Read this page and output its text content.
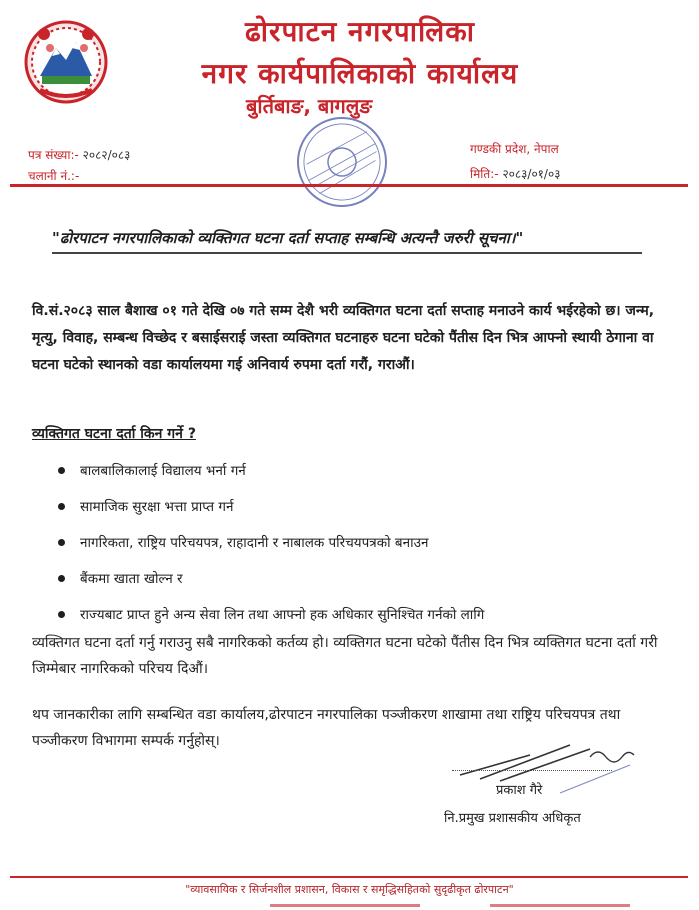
ढोरपाटन नगरपालिका
नगर कार्यपालिकाको कार्यालय
बुर्तिबाङ, बागलुङ
पत्र संख्या:- २०८२/०८३
चलानी नं.:-
गण्डकी प्रदेश, नेपाल
मिति:- २०८३/०१/०३
"ढोरपाटन नगरपालिकाको व्यक्तिगत घटना दर्ता सप्ताह सम्बन्धि अत्यन्तै जरुरी सूचना।"
वि.सं.२०८३ साल बैशाख ०१ गते देखि ०७ गते सम्म देशै भरी व्यक्तिगत घटना दर्ता सप्ताह मनाउने कार्य भईरहेको छ। जन्म, मृत्यु, विवाह, सम्बन्ध विच्छेद र बसाईसराई जस्ता व्यक्तिगत घटनाहरु घटना घटेको पैंतीस दिन भित्र आफ्नो स्थायी ठेगाना वा घटना घटेको स्थानको वडा कार्यालयमा गई अनिवार्य रुपमा दर्ता गरौं, गराऔं।
व्यक्तिगत घटना दर्ता किन गर्ने ?
बालबालिकालाई विद्यालय भर्ना गर्न
सामाजिक सुरक्षा भत्ता प्राप्त गर्न
नागरिकता, राष्ट्रिय परिचयपत्र, राहादानी र नाबालक परिचयपत्रको बनाउन
बैंकमा खाता खोल्न र
राज्यबाट प्राप्त हुने अन्य सेवा लिन तथा आफ्नो हक अधिकार सुनिश्चित गर्नको लागि
व्यक्तिगत घटना दर्ता गर्नु गराउनु सबै नागरिकको कर्तव्य हो। व्यक्तिगत घटना घटेको पैंतीस दिन भित्र व्यक्तिगत घटना दर्ता गरी जिम्मेबार नागरिकको परिचय दिऔं।
थप जानकारीका लागि सम्बन्धित वडा कार्यालय,ढोरपाटन नगरपालिका पञ्जीकरण शाखामा तथा राष्ट्रिय परिचयपत्र तथा पञ्जीकरण विभागमा सम्पर्क गर्नुहोस्।
प्रकाश गैरे
नि.प्रमुख प्रशासकीय अधिकृत
"व्यावसायिक र सिर्जनशील प्रशासन, विकास र समृद्धिसहितको सुदृढीकृत ढोरपाटन"
